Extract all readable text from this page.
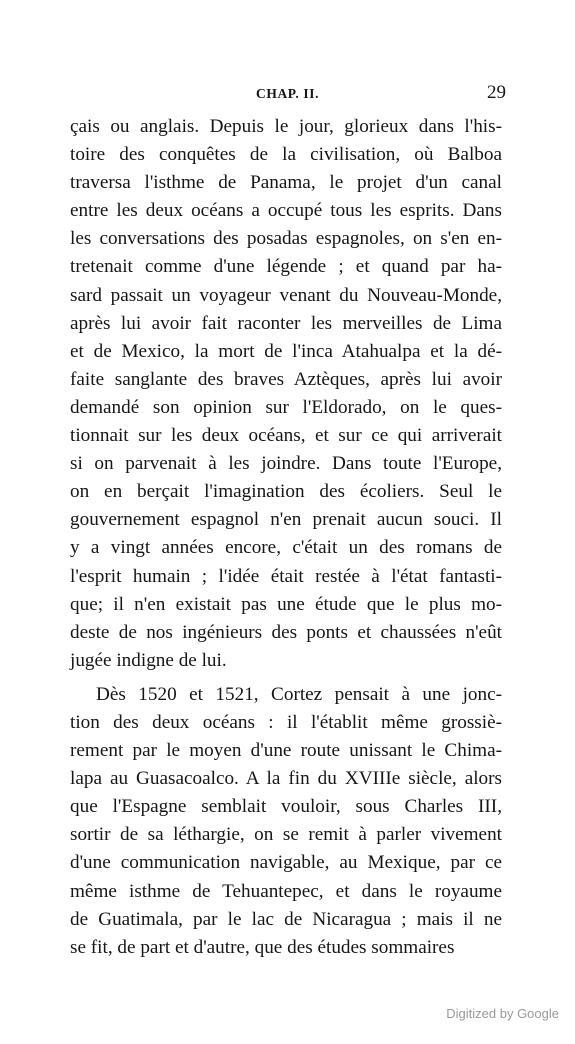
CHAP. II.	29
çais ou anglais. Depuis le jour, glorieux dans l'his-
toire des conquêtes de la civilisation, où Balboa
traversa l'isthme de Panama, le projet d'un canal
entre les deux océans a occupé tous les esprits. Dans
les conversations des posadas espagnoles, on s'en en-
tretenait comme d'une légende ; et quand par ha-
sard passait un voyageur venant du Nouveau-Monde,
après lui avoir fait raconter les merveilles de Lima
et de Mexico, la mort de l'inca Atahualpa et la dé-
faite sanglante des braves Aztèques, après lui avoir
demandé son opinion sur l'Eldorado, on le ques-
tionnait sur les deux océans, et sur ce qui arriverait
si on parvenait à les joindre. Dans toute l'Europe,
on en berçait l'imagination des écoliers. Seul le
gouvernement espagnol n'en prenait aucun souci. Il
y a vingt années encore, c'était un des romans de
l'esprit humain ; l'idée était restée à l'état fantasti-
que; il n'en existait pas une étude que le plus mo-
deste de nos ingénieurs des ponts et chaussées n'eût
jugée indigne de lui.
Dès 1520 et 1521, Cortez pensait à une jonc-
tion des deux océans : il l'établit même grossiè-
rement par le moyen d'une route unissant le Chima-
lapa au Guasacoalco. A la fin du XVIIIe siècle, alors
que l'Espagne semblait vouloir, sous Charles III,
sortir de sa léthargie, on se remit à parler vivement
d'une communication navigable, au Mexique, par ce
même isthme de Tehuantepec, et dans le royaume
de Guatimala, par le lac de Nicaragua ; mais il ne
se fit, de part et d'autre, que des études sommaires
Digitized by Google
